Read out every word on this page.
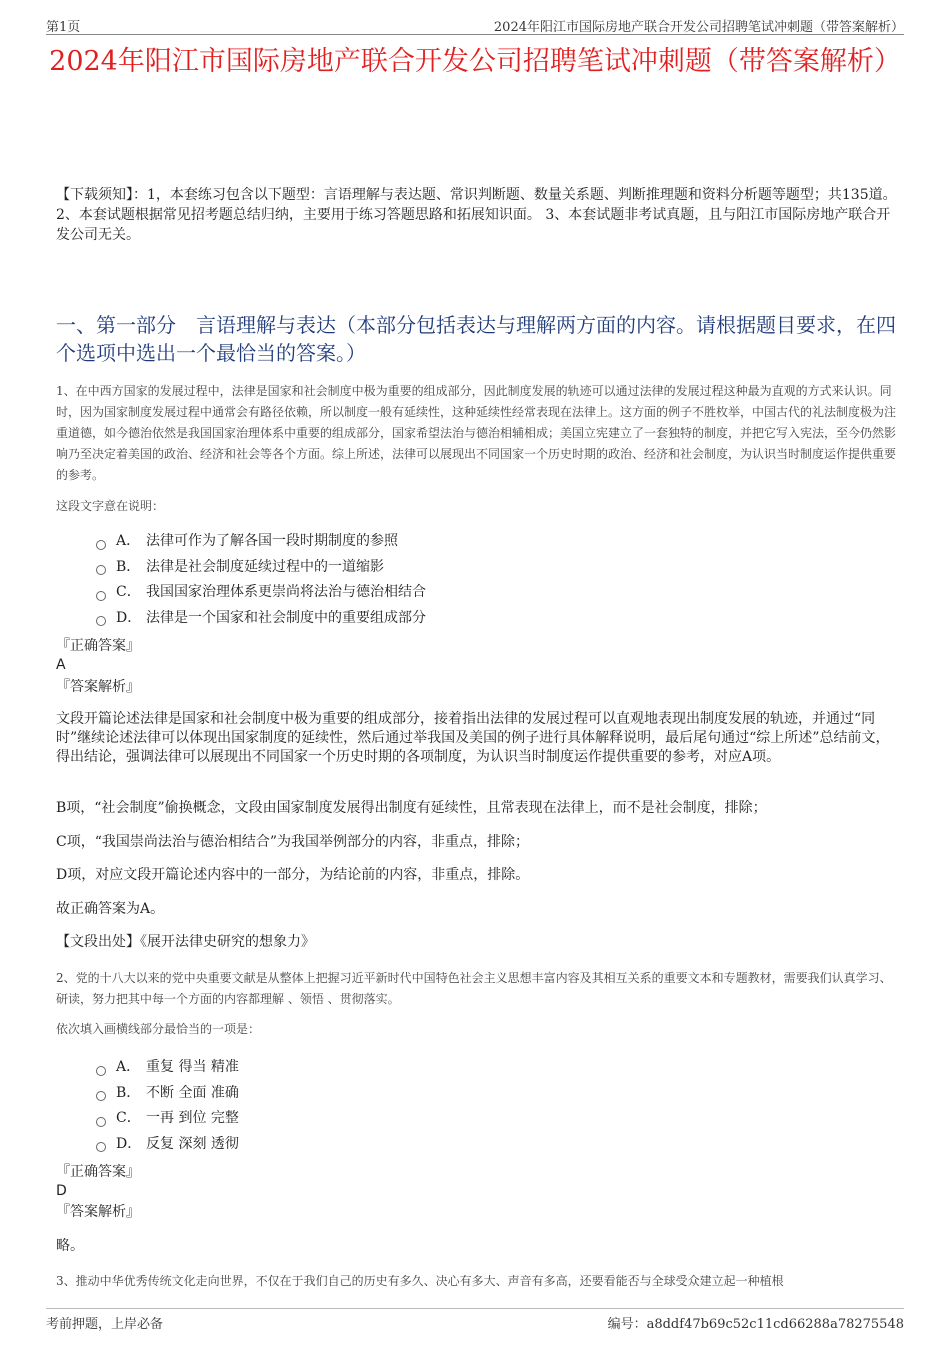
第1页	2024年阳江市国际房地产联合开发公司招聘笔试冲刺题（带答案解析）
2024年阳江市国际房地产联合开发公司招聘笔试冲刺题（带答案解析）

【下载须知】：1，本套练习包含以下题型：言语理解与表达题、常识判断题、数量关系题、判断推理题和资料分析题等题型；共135道。 2、本套试题根据常见招考题总结归纳，主要用于练习答题思路和拓展知识面。 3、本套试题非考试真题，且与阳江市国际房地产联合开发公司无关。

一、第一部分　言语理解与表达（本部分包括表达与理解两方面的内容。请根据题目要求，在四个选项中选出一个最恰当的答案。）

1、在中西方国家的发展过程中，法律是国家和社会制度中极为重要的组成部分，因此制度发展的轨迹可以通过法律的发展过程这种最为直观的方式来认识。同时，因为国家制度发展过程中通常会有路径依赖，所以制度一般有延续性，这种延续性经常表现在法律上。这方面的例子不胜枚举，中国古代的礼法制度极为注重道德，如今德治依然是我国国家治理体系中重要的组成部分，国家希望法治与德治相辅相成；美国立宪建立了一套独特的制度，并把它写入宪法，至今仍然影响乃至决定着美国的政治、经济和社会等各个方面。综上所述，法律可以展现出不同国家一个历史时期的政治、经济和社会制度，为认识当时制度运作提供重要的参考。

这段文字意在说明：

A． 法律可作为了解各国一段时期制度的参照
B． 法律是社会制度延续过程中的一道缩影
C． 我国国家治理体系更崇尚将法治与德治相结合
D． 法律是一个国家和社会制度中的重要组成部分
『正确答案』
A
『答案解析』

文段开篇论述法律是国家和社会制度中极为重要的组成部分，接着指出法律的发展过程可以直观地表现出制度发展的轨迹，并通过“同时”继续论述法律可以体现出国家制度的延续性，然后通过举我国及美国的例子进行具体解释说明，最后尾句通过“综上所述”总结前文，得出结论，强调法律可以展现出不同国家一个历史时期的各项制度，为认识当时制度运作提供重要的参考，对应A项。

B项，“社会制度”偷换概念，文段由国家制度发展得出制度有延续性，且常表现在法律上，而不是社会制度，排除；

C项，“我国崇尚法治与德治相结合”为我国举例部分的内容，非重点，排除；

D项，对应文段开篇论述内容中的一部分，为结论前的内容，非重点，排除。

故正确答案为A。

【文段出处】《展开法律史研究的想象力》

2、党的十八大以来的党中央重要文献是从整体上把握习近平新时代中国特色社会主义思想丰富内容及其相互关系的重要文本和专题教材，需要我们认真学习、研读，努力把其中每一个方面的内容都理解 、领悟 、贯彻落实。

依次填入画横线部分最恰当的一项是：

A． 重复 得当 精准
B． 不断 全面 准确
C． 一再 到位 完整
D． 反复 深刻 透彻
『正确答案』
D
『答案解析』

略。

3、推动中华优秀传统文化走向世界，不仅在于我们自己的历史有多久、决心有多大、声音有多高，还要看能否与全球受众建立起一种植根

考前押题，上岸必备	编号：a8ddf47b69c52c11cd66288a78275548
